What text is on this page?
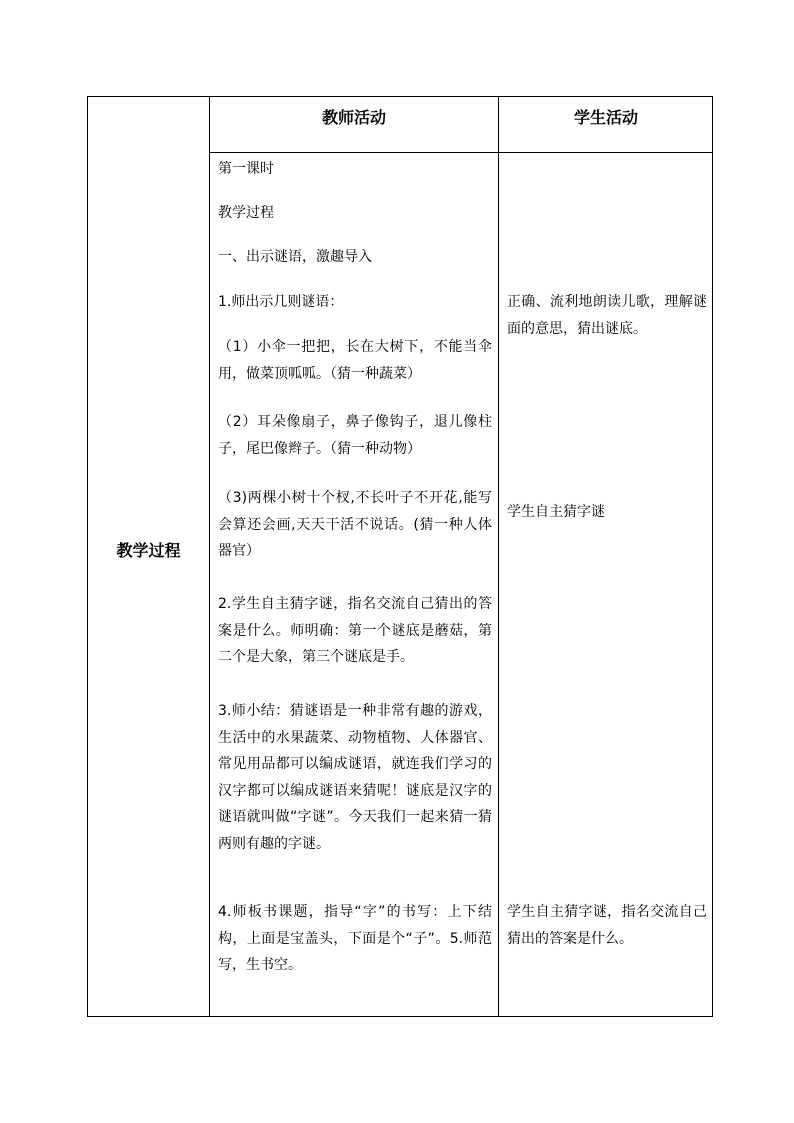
教师活动	学生活动
教学过程
第一课时
教学过程
一、出示谜语，激趣导入
1.师出示几则谜语：
（1）小伞一把把，长在大树下，不能当伞用，做菜顶呱呱。（猜一种蔬菜）
（2）耳朵像扇子，鼻子像钩子，退儿像柱子，尾巴像辫子。（猜一种动物）
（3)两棵小树十个杈,不长叶子不开花,能写会算还会画,天天干活不说话。(猜一种人体器官）
2.学生自主猜字谜，指名交流自己猜出的答案是什么。师明确：第一个谜底是蘑菇，第二个是大象，第三个谜底是手。
3.师小结：猜谜语是一种非常有趣的游戏，生活中的水果蔬菜、动物植物、人体器官、常见用品都可以编成谜语，就连我们学习的汉字都可以编成谜语来猜呢！谜底是汉字的谜语就叫做“字谜”。今天我们一起来猜一猜两则有趣的字谜。
4.师板书课题，指导“字”的书写：上下结构，上面是宝盖头，下面是个“子”。5.师范写，生书空。
正确、流利地朗读儿歌，理解谜面的意思，猜出谜底。
学生自主猜字谜
学生自主猜字谜，指名交流自己猜出的答案是什么。
